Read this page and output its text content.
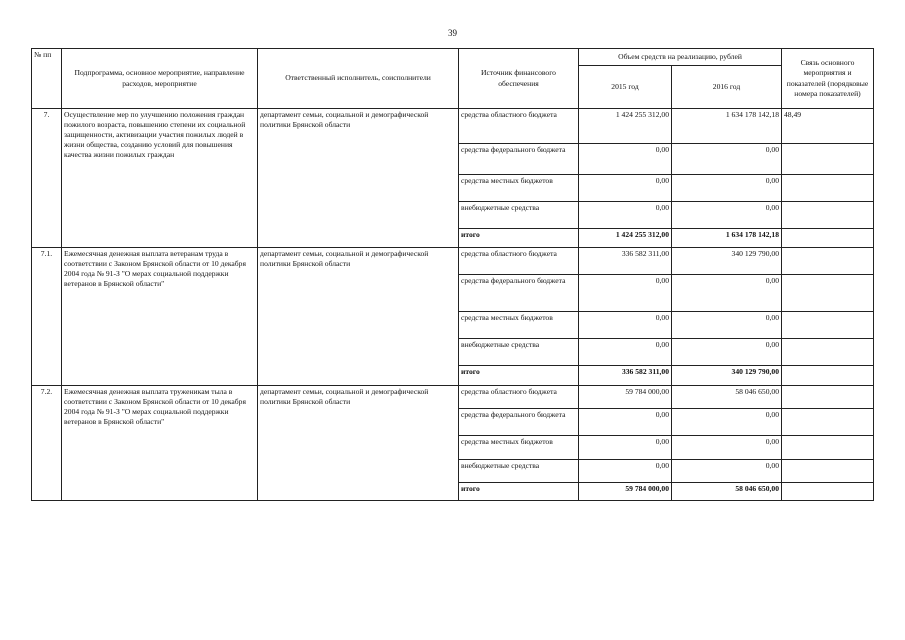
39
№ пп	Подпрограмма, основное мероприятие, направление расходов, мероприятие	Ответственный исполнитель, соисполнители	Источник финансового обеспечения	Объем средств на реализацию, рублей		Связь основного мероприятия и показателей (порядковые номера показателей)
				2015 год	2016 год	
7.	Осуществление мер по улучшению положения граждан пожилого возраста, повышению степени их социальной защищенности, активизации участия пожилых людей в жизни общества, созданию условий для повышения качества жизни пожилых граждан	департамент семьи, социальной и демографической политики Брянской области	средства областного бюджета	1 424 255 312,00	1 634 178 142,18	48,49
			средства федерального бюджета	0,00	0,00	
			средства местных бюджетов	0,00	0,00	
			внебюджетные средства	0,00	0,00	
			итого	1 424 255 312,00	1 634 178 142,18	
7.1.	Ежемесячная денежная выплата ветеранам труда в соответствии с Законом Брянской области от 10 декабря 2004 года № 91-З "О мерах социальной поддержки ветеранов в Брянской области"	департамент семьи, социальной и демографической политики Брянской области	средства областного бюджета	336 582 311,00	340 129 790,00	
			средства федерального бюджета	0,00	0,00	
			средства местных бюджетов	0,00	0,00	
			внебюджетные средства	0,00	0,00	
			итого	336 582 311,00	340 129 790,00	
7.2.	Ежемесячная денежная выплата труженикам тыла в соответствии с Законом Брянской области от 10 декабря 2004 года № 91-З "О мерах социальной поддержки ветеранов в Брянской области"	департамент семьи, социальной и демографической политики Брянской области	средства областного бюджета	59 784 000,00	58 046 650,00	
			средства федерального бюджета	0,00	0,00	
			средства местных бюджетов	0,00	0,00	
			внебюджетные средства	0,00	0,00	
			итого	59 784 000,00	58 046 650,00	
